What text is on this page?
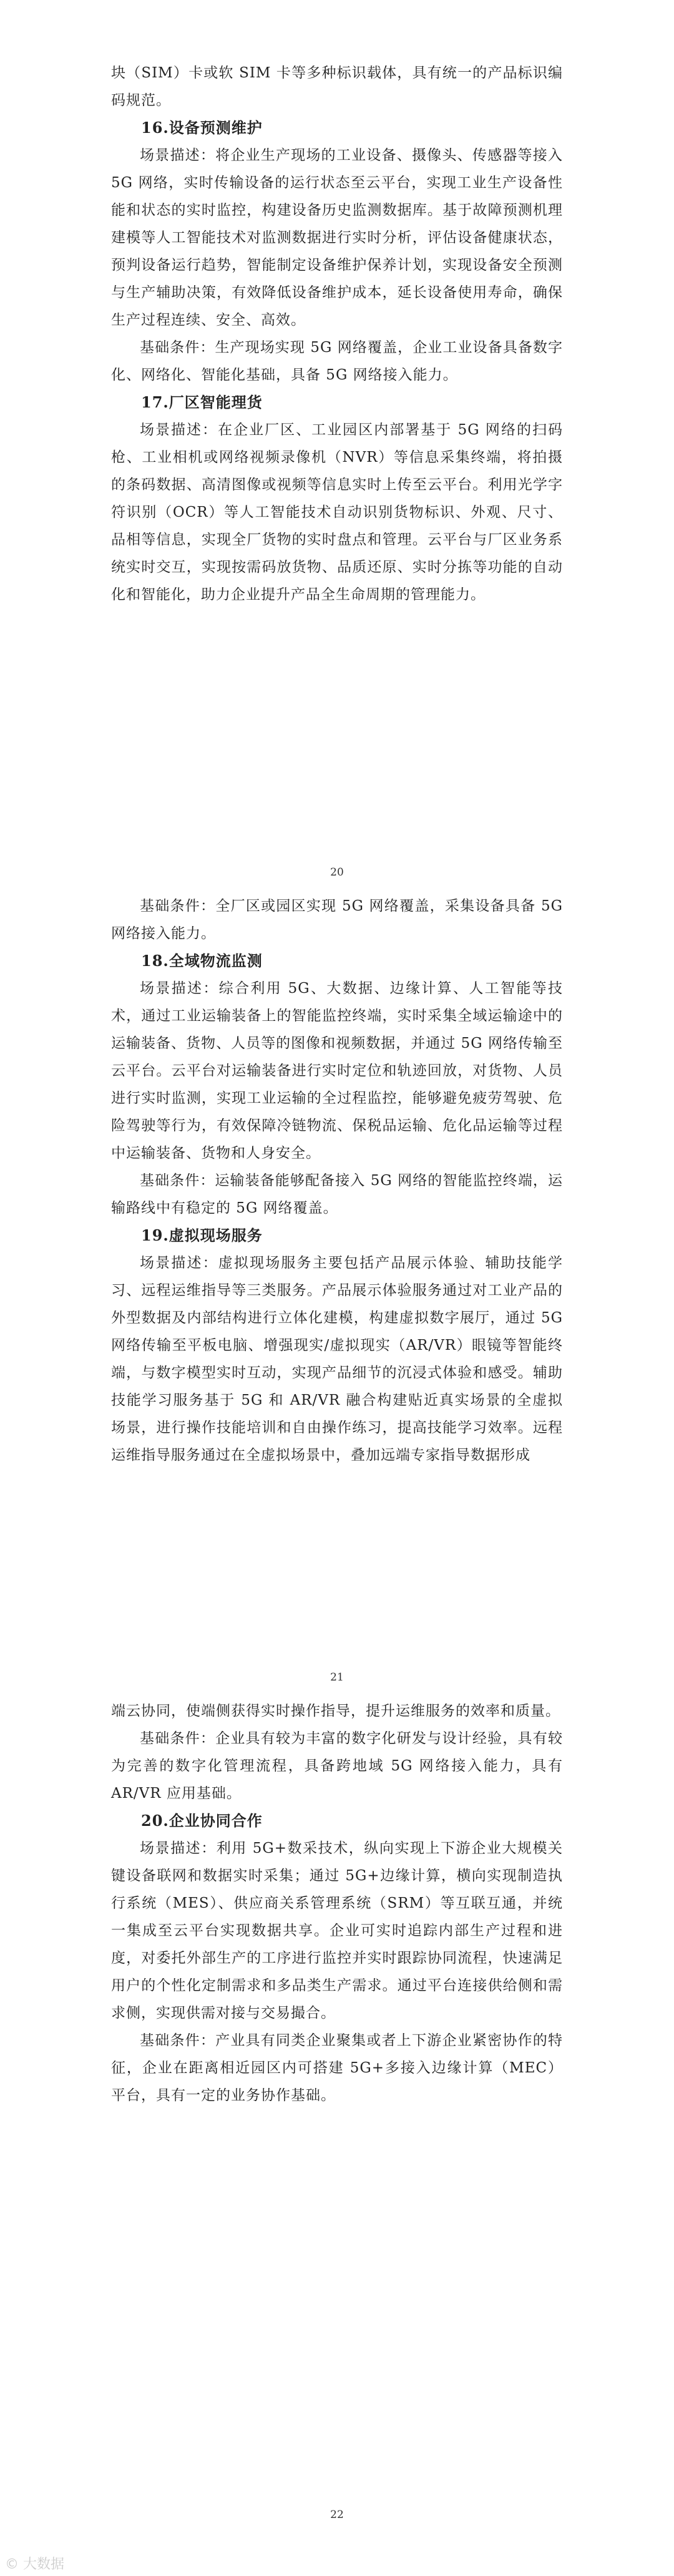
块（SIM）卡或软 SIM 卡等多种标识载体，具有统一的产品标识编码规范。

16.设备预测维护

场景描述：将企业生产现场的工业设备、摄像头、传感器等接入 5G 网络，实时传输设备的运行状态至云平台，实现工业生产设备性能和状态的实时监控，构建设备历史监测数据库。基于故障预测机理建模等人工智能技术对监测数据进行实时分析，评估设备健康状态，预判设备运行趋势，智能制定设备维护保养计划，实现设备安全预测与生产辅助决策，有效降低设备维护成本，延长设备使用寿命，确保生产过程连续、安全、高效。

基础条件：生产现场实现 5G 网络覆盖，企业工业设备具备数字化、网络化、智能化基础，具备 5G 网络接入能力。

17.厂区智能理货

场景描述：在企业厂区、工业园区内部署基于 5G 网络的扫码枪、工业相机或网络视频录像机（NVR）等信息采集终端，将拍摄的条码数据、高清图像或视频等信息实时上传至云平台。利用光学字符识别（OCR）等人工智能技术自动识别货物标识、外观、尺寸、品相等信息，实现全厂货物的实时盘点和管理。云平台与厂区业务系统实时交互，实现按需码放货物、品质还原、实时分拣等功能的自动化和智能化，助力企业提升产品全生命周期的管理能力。

20

基础条件：全厂区或园区实现 5G 网络覆盖，采集设备具备 5G 网络接入能力。

18.全域物流监测

场景描述：综合利用 5G、大数据、边缘计算、人工智能等技术，通过工业运输装备上的智能监控终端，实时采集全域运输途中的运输装备、货物、人员等的图像和视频数据，并通过 5G 网络传输至云平台。云平台对运输装备进行实时定位和轨迹回放，对货物、人员进行实时监测，实现工业运输的全过程监控，能够避免疲劳驾驶、危险驾驶等行为，有效保障冷链物流、保税品运输、危化品运输等过程中运输装备、货物和人身安全。

基础条件：运输装备能够配备接入 5G 网络的智能监控终端，运输路线中有稳定的 5G 网络覆盖。

19.虚拟现场服务

场景描述：虚拟现场服务主要包括产品展示体验、辅助技能学习、远程运维指导等三类服务。产品展示体验服务通过对工业产品的外型数据及内部结构进行立体化建模，构建虚拟数字展厅，通过 5G 网络传输至平板电脑、增强现实/虚拟现实（AR/VR）眼镜等智能终端，与数字模型实时互动，实现产品细节的沉浸式体验和感受。辅助技能学习服务基于 5G 和 AR/VR 融合构建贴近真实场景的全虚拟场景，进行操作技能培训和自由操作练习，提高技能学习效率。远程运维指导服务通过在全虚拟场景中，叠加远端专家指导数据形成

21

端云协同，使端侧获得实时操作指导，提升运维服务的效率和质量。

基础条件：企业具有较为丰富的数字化研发与设计经验，具有较为完善的数字化管理流程，具备跨地域 5G 网络接入能力，具有 AR/VR 应用基础。

20.企业协同合作

场景描述：利用 5G+数采技术，纵向实现上下游企业大规模关键设备联网和数据实时采集；通过 5G+边缘计算，横向实现制造执行系统（MES）、供应商关系管理系统（SRM）等互联互通，并统一集成至云平台实现数据共享。企业可实时追踪内部生产过程和进度，对委托外部生产的工序进行监控并实时跟踪协同流程，快速满足用户的个性化定制需求和多品类生产需求。通过平台连接供给侧和需求侧，实现供需对接与交易撮合。

基础条件：产业具有同类企业聚集或者上下游企业紧密协作的特征，企业在距离相近园区内可搭建 5G+多接入边缘计算（MEC）平台，具有一定的业务协作基础。

22
© 大数据
